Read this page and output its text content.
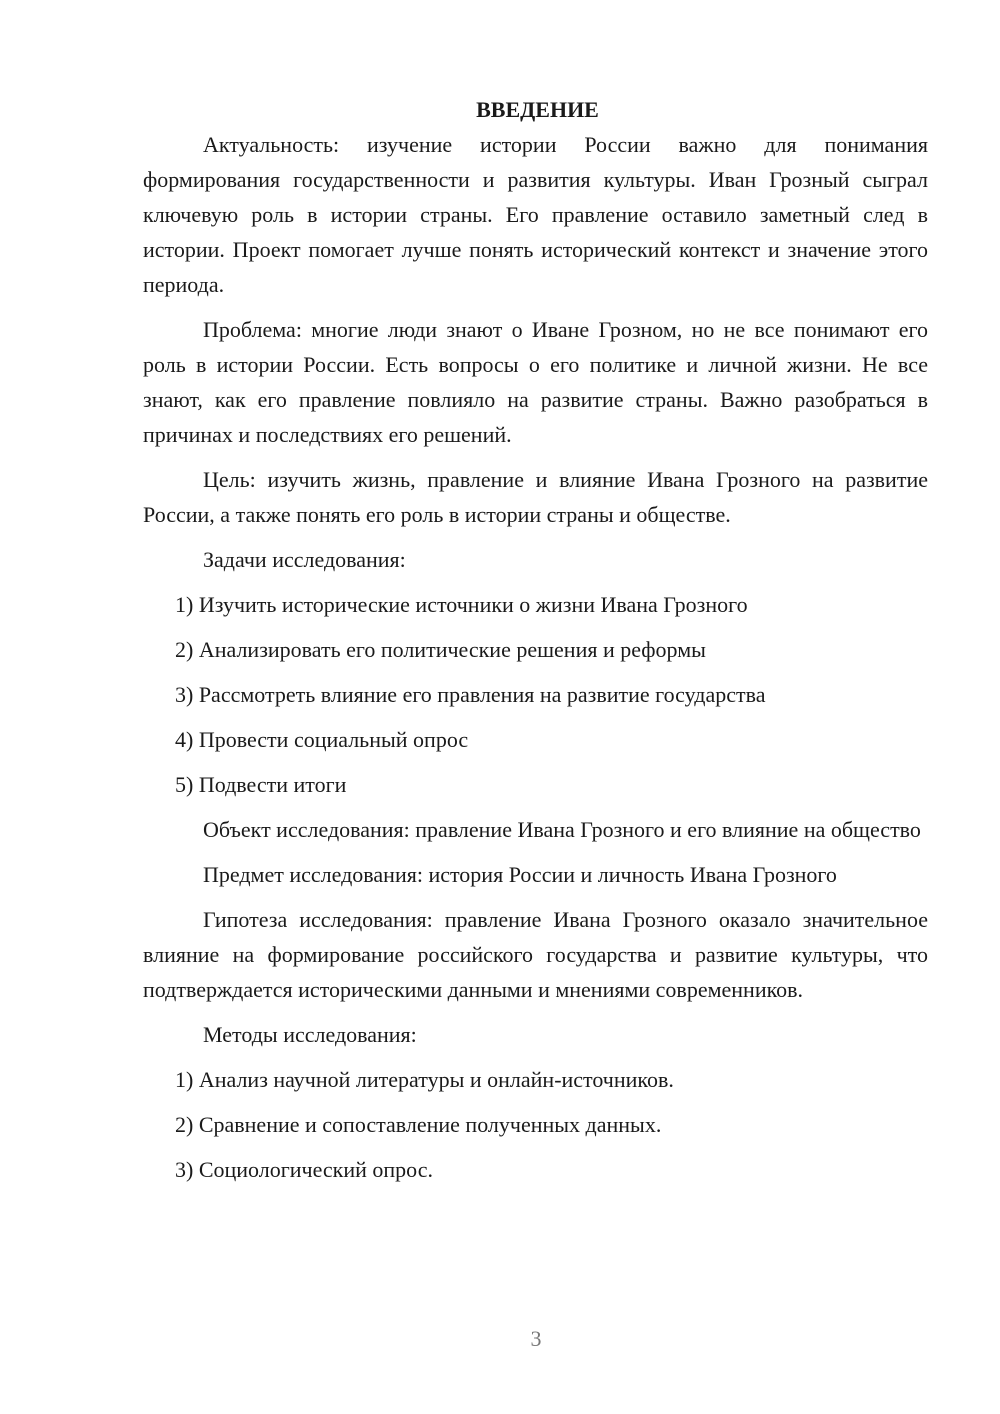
ВВЕДЕНИЕ

Актуальность: изучение истории России важно для понимания формирования государственности и развития культуры. Иван Грозный сыграл ключевую роль в истории страны. Его правление оставило заметный след в истории. Проект помогает лучше понять исторический контекст и значение этого периода.

Проблема: многие люди знают о Иване Грозном, но не все понимают его роль в истории России. Есть вопросы о его политике и личной жизни. Не все знают, как его правление повлияло на развитие страны. Важно разобраться в причинах и последствиях его решений.

Цель: изучить жизнь, правление и влияние Ивана Грозного на развитие России, а также понять его роль в истории страны и обществе.

Задачи исследования:

1) Изучить исторические источники о жизни Ивана Грозного

2) Анализировать его политические решения и реформы

3) Рассмотреть влияние его правления на развитие государства

4) Провести социальный опрос

5) Подвести итоги

Объект исследования: правление Ивана Грозного и его влияние на общество

Предмет исследования: история России и личность Ивана Грозного

Гипотеза исследования: правление Ивана Грозного оказало значительное влияние на формирование российского государства и развитие культуры, что подтверждается историческими данными и мнениями современников.

Методы исследования:

1) Анализ научной литературы и онлайн-источников.

2) Сравнение и сопоставление полученных данных.

3) Социологический опрос.

3
